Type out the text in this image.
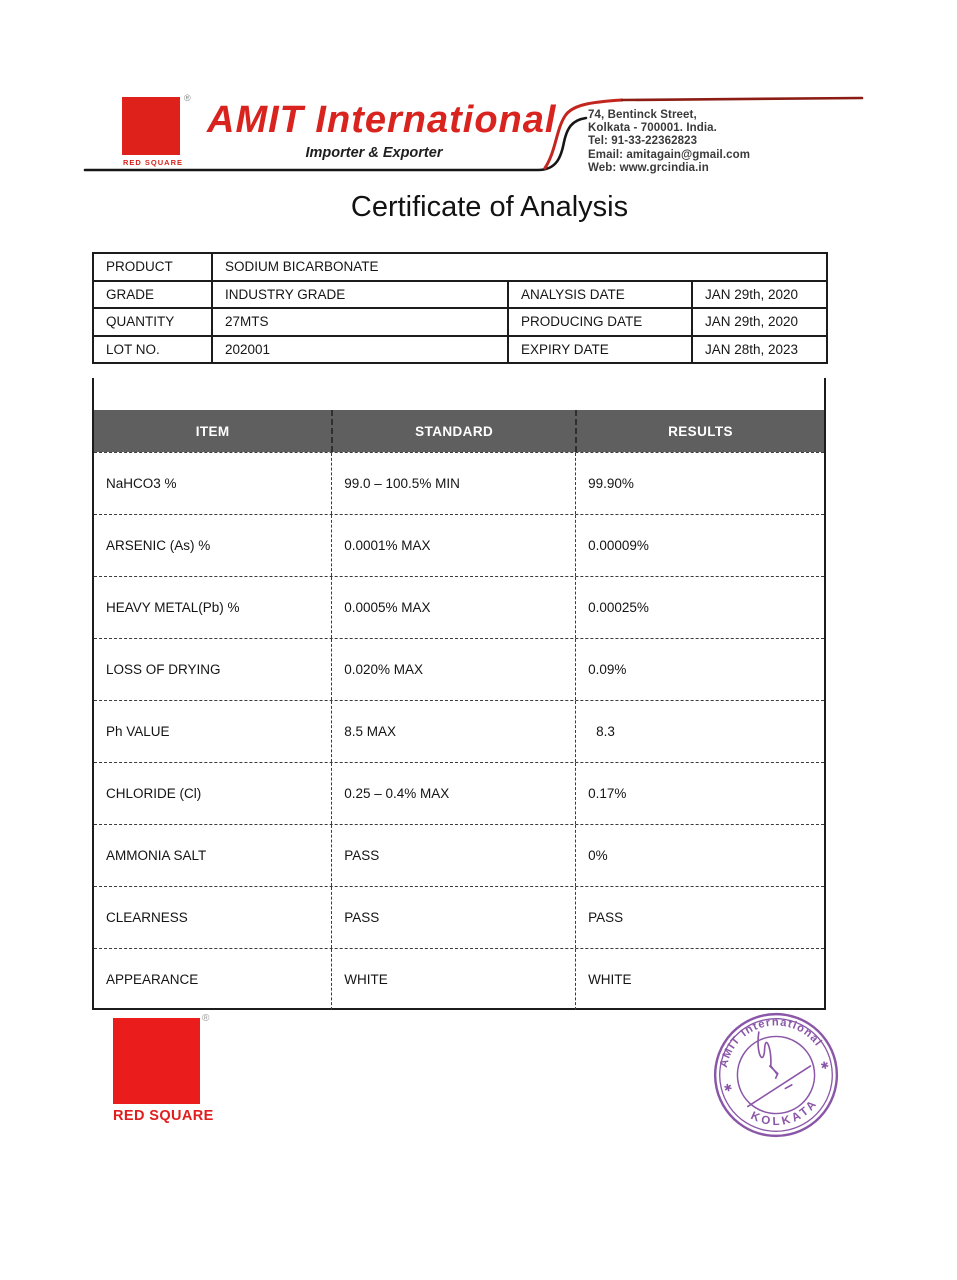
®
RED SQUARE
AMIT International
Importer & Exporter
74, Bentinck Street,
Kolkata - 700001. India.
Tel: 91-33-22362823
Email: amitagain@gmail.com
Web: www.grcindia.in
Certificate of Analysis
PRODUCT	SODIUM BICARBONATE		
GRADE	INDUSTRY GRADE	ANALYSIS DATE	JAN 29th, 2020
QUANTITY	27MTS	PRODUCING DATE	JAN 29th, 2020
LOT NO.	202001	EXPIRY DATE	JAN 28th, 2023
ITEM	STANDARD	RESULTS
NaHCO3 %	99.0 – 100.5% MIN	99.90%
ARSENIC (As) %	0.0001% MAX	0.00009%
HEAVY METAL(Pb) %	0.0005% MAX	0.00025%
LOSS OF DRYING	0.020% MAX	0.09%
Ph VALUE	8.5 MAX	8.3
CHLORIDE (Cl)	0.25 – 0.4% MAX	0.17%
AMMONIA SALT	PASS	0%
CLEARNESS	PASS	PASS
APPEARANCE	WHITE	WHITE
®
RED SQUARE
AMIT International
KOLKATA
✱
✱
